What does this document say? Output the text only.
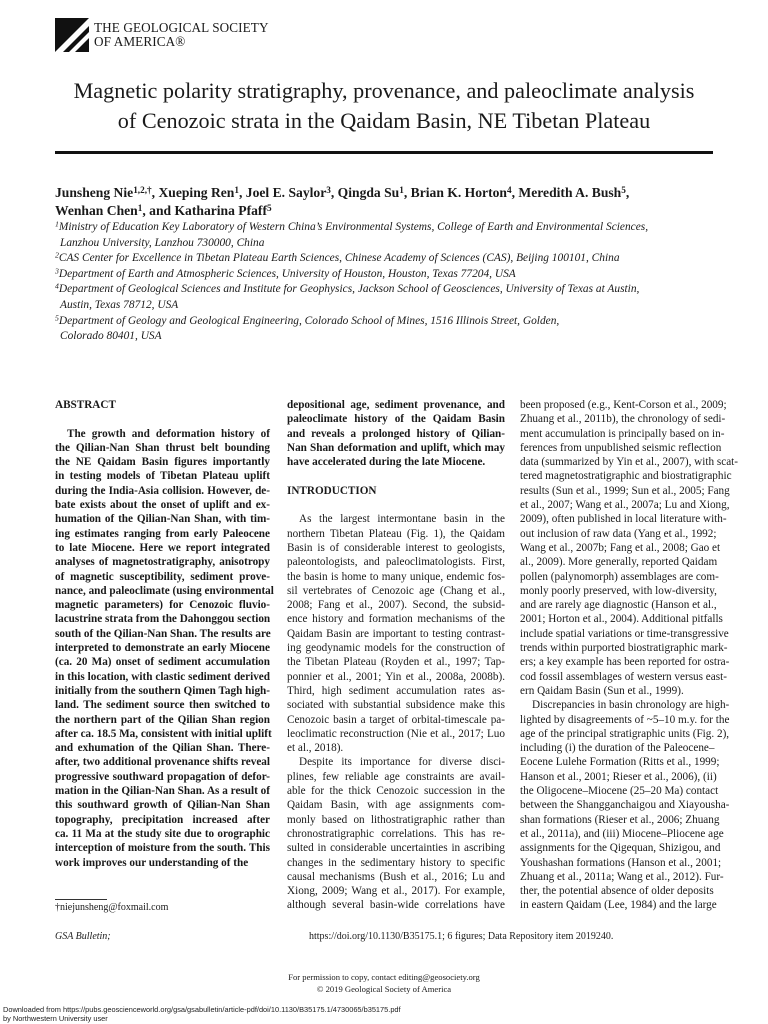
THE GEOLOGICAL SOCIETY
OF AMERICA®
Magnetic polarity stratigraphy, provenance, and paleoclimate analysis
of Cenozoic strata in the Qaidam Basin, NE Tibetan Plateau
Junsheng Nie$^{1,2,\dagger}$, Xueping Ren$^1$, Joel E. Saylor$^3$, Qingda Su$^1$, Brian K. Horton$^4$, Meredith A. Bush$^5$,
Wenhan Chen$^1$, and Katharina Pfaff$^5$
$^1$Ministry of Education Key Laboratory of Western China’s Environmental Systems, College of Earth and Environmental Sciences,
Lanzhou University, Lanzhou 730000, China
$^2$CAS Center for Excellence in Tibetan Plateau Earth Sciences, Chinese Academy of Sciences (CAS), Beijing 100101, China
$^3$Department of Earth and Atmospheric Sciences, University of Houston, Houston, Texas 77204, USA
$^4$Department of Geological Sciences and Institute for Geophysics, Jackson School of Geosciences, University of Texas at Austin,
Austin, Texas 78712, USA
$^5$Department of Geology and Geological Engineering, Colorado School of Mines, 1516 Illinois Street, Golden,
Colorado 80401, USA
ABSTRACT
The growth and deformation history of
the Qilian-Nan Shan thrust belt bounding
the NE Qaidam Basin figures importantly
in testing models of Tibetan Plateau uplift
during the India-Asia collision. However, de-
bate exists about the onset of uplift and ex-
humation of the Qilian-Nan Shan, with tim-
ing estimates ranging from early Paleocene
to late Miocene. Here we report integrated
analyses of magnetostratigraphy, anisotropy
of magnetic susceptibility, sediment prove-
nance, and paleoclimate (using environmental
magnetic parameters) for Cenozoic fluvio-
lacustrine strata from the Dahonggou section
south of the Qilian-Nan Shan. The results are
interpreted to demonstrate an early Miocene
(ca. 20 Ma) onset of sediment accumulation
in this location, with clastic sediment derived
initially from the southern Qimen Tagh high-
land. The sediment source then switched to
the northern part of the Qilian Shan region
after ca. 18.5 Ma, consistent with initial uplift
and exhumation of the Qilian Shan. There-
after, two additional provenance shifts reveal
progressive southward propagation of defor-
mation in the Qilian-Nan Shan. As a result of
this southward growth of Qilian-Nan Shan
topography, precipitation increased after
ca. 11 Ma at the study site due to orographic
interception of moisture from the south. This
work improves our understanding of the
depositional age, sediment provenance, and
paleoclimate history of the Qaidam Basin
and reveals a prolonged history of Qilian-
Nan Shan deformation and uplift, which may
have accelerated during the late Miocene.
INTRODUCTION
As the largest intermontane basin in the
northern Tibetan Plateau (Fig. 1), the Qaidam
Basin is of considerable interest to geologists,
paleontologists, and paleoclimatologists. First,
the basin is home to many unique, endemic fos-
sil vertebrates of Cenozoic age (Chang et al.,
2008; Fang et al., 2007). Second, the subsid-
ence history and formation mechanisms of the
Qaidam Basin are important to testing contrast-
ing geodynamic models for the construction of
the Tibetan Plateau (Royden et al., 1997; Tap-
ponnier et al., 2001; Yin et al., 2008a, 2008b).
Third, high sediment accumulation rates as-
sociated with substantial subsidence make this
Cenozoic basin a target of orbital-timescale pa-
leoclimatic reconstruction (Nie et al., 2017; Luo
et al., 2018).
Despite its importance for diverse disci-
plines, few reliable age constraints are avail-
able for the thick Cenozoic succession in the
Qaidam Basin, with age assignments com-
monly based on lithostratigraphic rather than
chronostratigraphic correlations. This has re-
sulted in considerable uncertainties in ascribing
changes in the sedimentary history to specific
causal mechanisms (Bush et al., 2016; Lu and
Xiong, 2009; Wang et al., 2017). For example,
although several basin-wide correlations have
been proposed (e.g., Kent-Corson et al., 2009;
Zhuang et al., 2011b), the chronology of sedi-
ment accumulation is principally based on in-
ferences from unpublished seismic reflection
data (summarized by Yin et al., 2007), with scat-
tered magnetostratigraphic and biostratigraphic
results (Sun et al., 1999; Sun et al., 2005; Fang
et al., 2007; Wang et al., 2007a; Lu and Xiong,
2009), often published in local literature with-
out inclusion of raw data (Yang et al., 1992;
Wang et al., 2007b; Fang et al., 2008; Gao et
al., 2009). More generally, reported Qaidam
pollen (palynomorph) assemblages are com-
monly poorly preserved, with low-diversity,
and are rarely age diagnostic (Hanson et al.,
2001; Horton et al., 2004). Additional pitfalls
include spatial variations or time-transgressive
trends within purported biostratigraphic mark-
ers; a key example has been reported for ostra-
cod fossil assemblages of western versus east-
ern Qaidam Basin (Sun et al., 1999).
Discrepancies in basin chronology are high-
lighted by disagreements of ~5–10 m.y. for the
age of the principal stratigraphic units (Fig. 2),
including (i) the duration of the Paleocene–
Eocene Lulehe Formation (Ritts et al., 1999;
Hanson et al., 2001; Rieser et al., 2006), (ii)
the Oligocene–Miocene (25–20 Ma) contact
between the Shangganchaigou and Xiayousha-
shan formations (Rieser et al., 2006; Zhuang
et al., 2011a), and (iii) Miocene–Pliocene age
assignments for the Qigequan, Shizigou, and
Youshashan formations (Hanson et al., 2001;
Zhuang et al., 2011a; Wang et al., 2012). Fur-
ther, the potential absence of older deposits
in eastern Qaidam (Lee, 1984) and the large
†niejunsheng@foxmail.com
GSA Bulletin;	https://doi.org/10.1130/B35175.1; 6 figures; Data Repository item 2019240.
For permission to copy, contact editing@geosociety.org
© 2019 Geological Society of America
Downloaded from https://pubs.geoscienceworld.org/gsa/gsabulletin/article-pdf/doi/10.1130/B35175.1/4730065/b35175.pdf
by Northwestern University user
